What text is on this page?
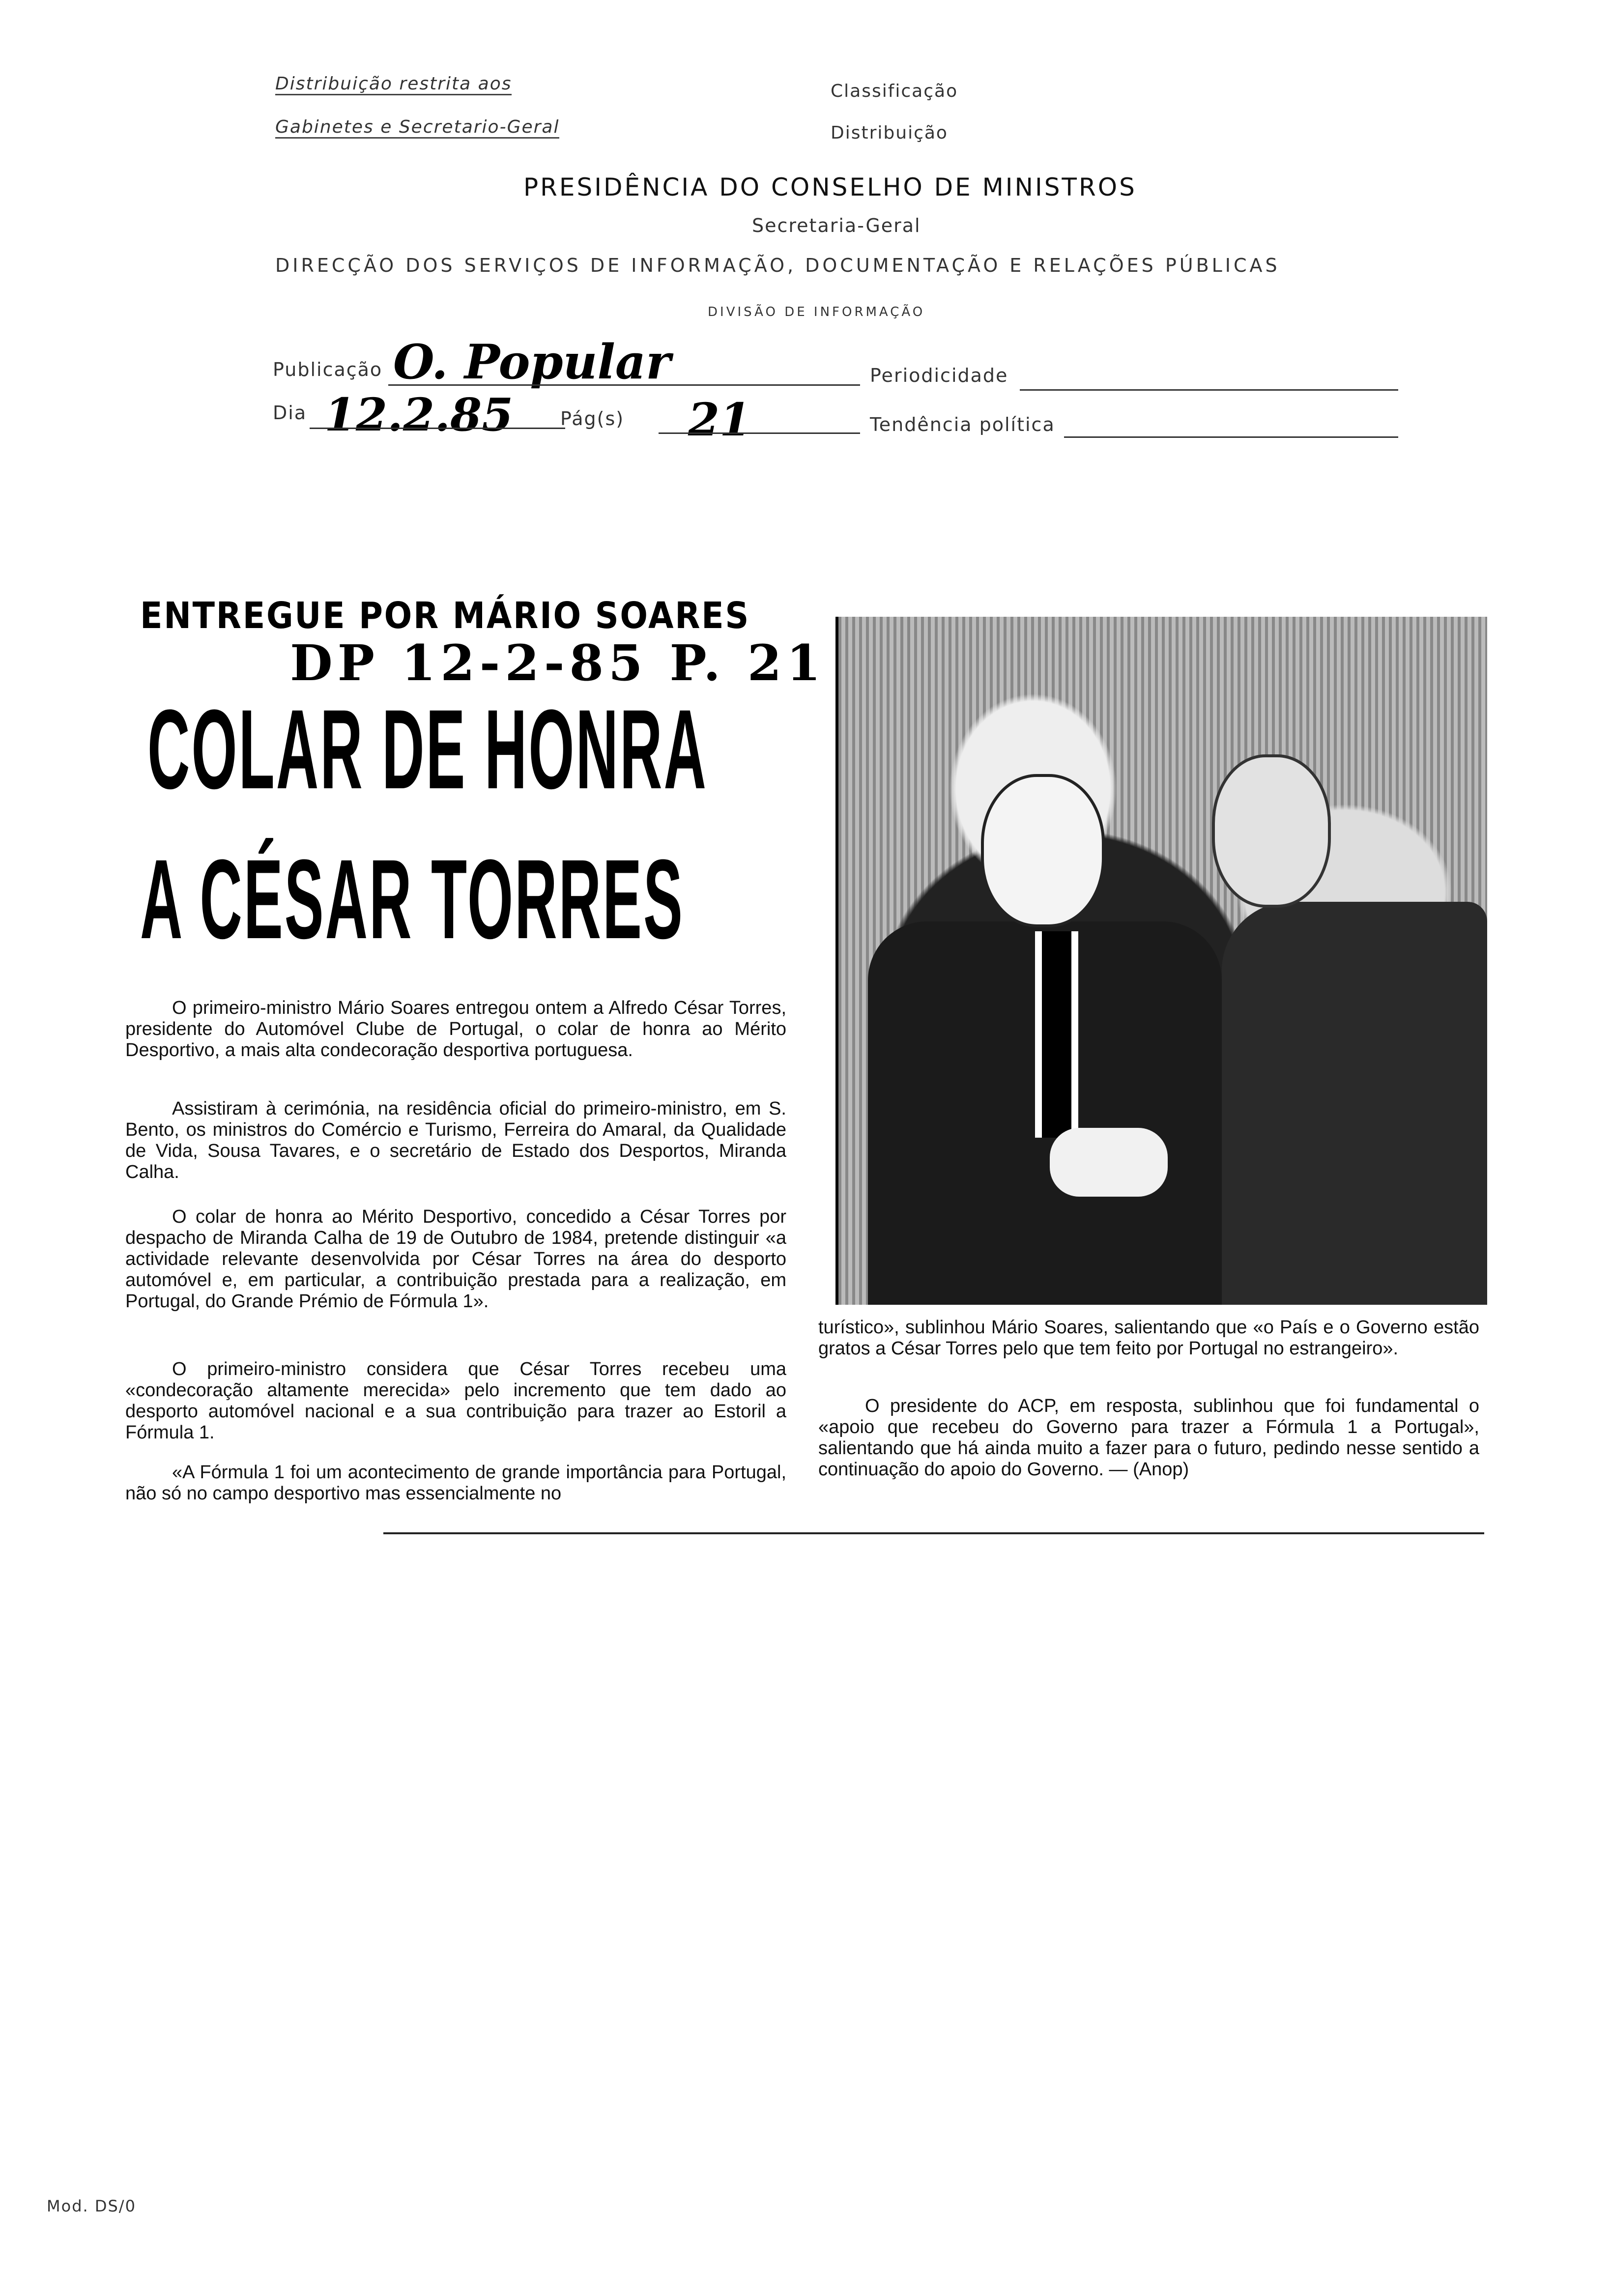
Distribuição restrita aos
Gabinetes e Secretario-Geral
Classificação
Distribuição
PRESIDÊNCIA DO CONSELHO DE MINISTROS
Secretaria-Geral
DIRECÇÃO DOS SERVIÇOS DE INFORMAÇÃO, DOCUMENTAÇÃO E RELAÇÕES PÚBLICAS
DIVISÃO DE INFORMAÇÃO
Publicação O. Popular	Periodicidade
Dia 12.2.85	Pág(s) 21	Tendência política
ENTREGUE POR MÁRIO SOARES
DP 12-2-85 P. 21
COLAR DE HONRA
A CÉSAR TORRES

O primeiro-ministro Mário Soares entregou ontem a Alfredo César Torres, presidente do Automóvel Clube de Portugal, o colar de honra ao Mérito Desportivo, a mais alta condecoração desportiva portuguesa.

Assistiram à cerimónia, na residência oficial do primeiro-ministro, em S. Bento, os ministros do Comércio e Turismo, Ferreira do Amaral, da Qualidade de Vida, Sousa Tavares, e o secretário de Estado dos Desportos, Miranda Calha.

O colar de honra ao Mérito Desportivo, concedido a César Torres por despacho de Miranda Calha de 19 de Outubro de 1984, pretende distinguir «a actividade relevante desenvolvida por César Torres na área do desporto automóvel e, em particular, a contribuição prestada para a realização, em Portugal, do Grande Prémio de Fórmula 1».

O primeiro-ministro considera que César Torres recebeu uma «condecoração altamente merecida» pelo incremento que tem dado ao desporto automóvel nacional e a sua contribuição para trazer ao Estoril a Fórmula 1.

«A Fórmula 1 foi um acontecimento de grande importância para Portugal, não só no campo desportivo mas essencialmente no

turístico», sublinhou Mário Soares, salientando que «o País e o Governo estão gratos a César Torres pelo que tem feito por Portugal no estrangeiro».

O presidente do ACP, em resposta, sublinhou que foi fundamental o «apoio que recebeu do Governo para trazer a Fórmula 1 a Portugal», salientando que há ainda muito a fazer para o futuro, pedindo nesse sentido a continuação do apoio do Governo. — (Anop)

Mod. DS/0
